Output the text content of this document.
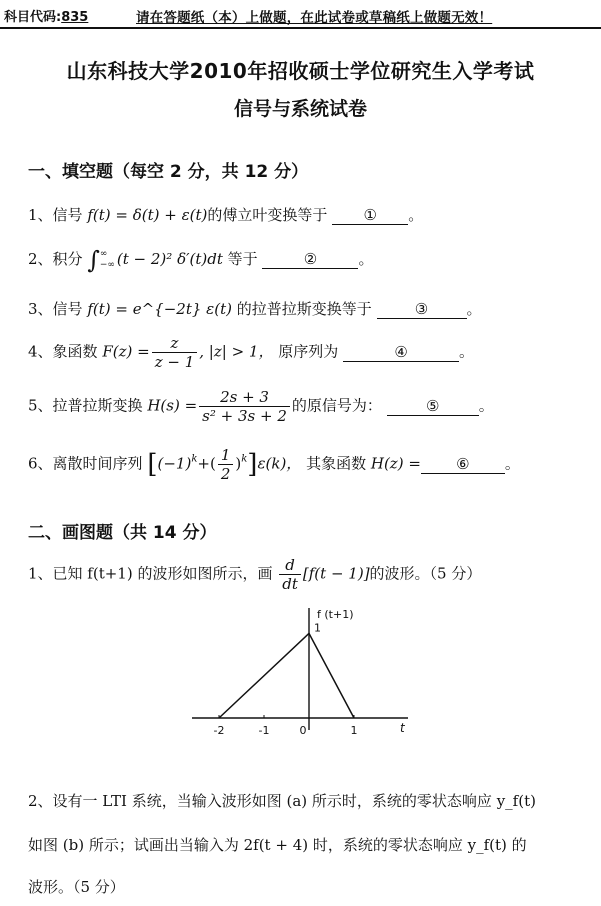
科目代码:835	请在答题纸（本）上做题，在此试卷或草稿纸上做题无效！
山东科技大学2010年招收硕士学位研究生入学考试
信号与系统试卷
一、填空题（每空 2 分，共 12 分）
1、信号 f(t) = δ(t) + ε(t)的傅立叶变换等于 ① 。
2、积分 ∫ ∞
−∞ (t − 2)² δ′(t)dt 等于	②	。
3、信号 f(t) = e^{−2t} ε(t) 的拉普拉斯变换等于	③	。
4、象函数 $F(z) = \frac{z}{z - 1}$ , |z| > 1， 原序列为	④	。
5、拉普拉斯变换 $H(s) = \frac{2s + 3}{\text{s² + 3s + 2}}$ 的原信号为：	⑤	。
6、离散时间序列 $[(-1)^k+( \frac{1}{2} )^k]\varepsilon(k)$， 其象函数 H(z) = ⑥ 。
二、画图题（共 14 分）
1、已知 f(t+1) 的波形如图所示，画 $\frac{d}{dt} [f(t - 1)]$的波形。（5 分）
-2	-1	0	1
1
f (t+1)
t
2、设有一 LTI 系统，当输入波形如图 (a) 所示时，系统的零状态响应 y_f(t)
如图 (b) 所示；试画出当输入为 2f(t + 4) 时，系统的零状态响应 y_f(t) 的
波形。（5 分）
